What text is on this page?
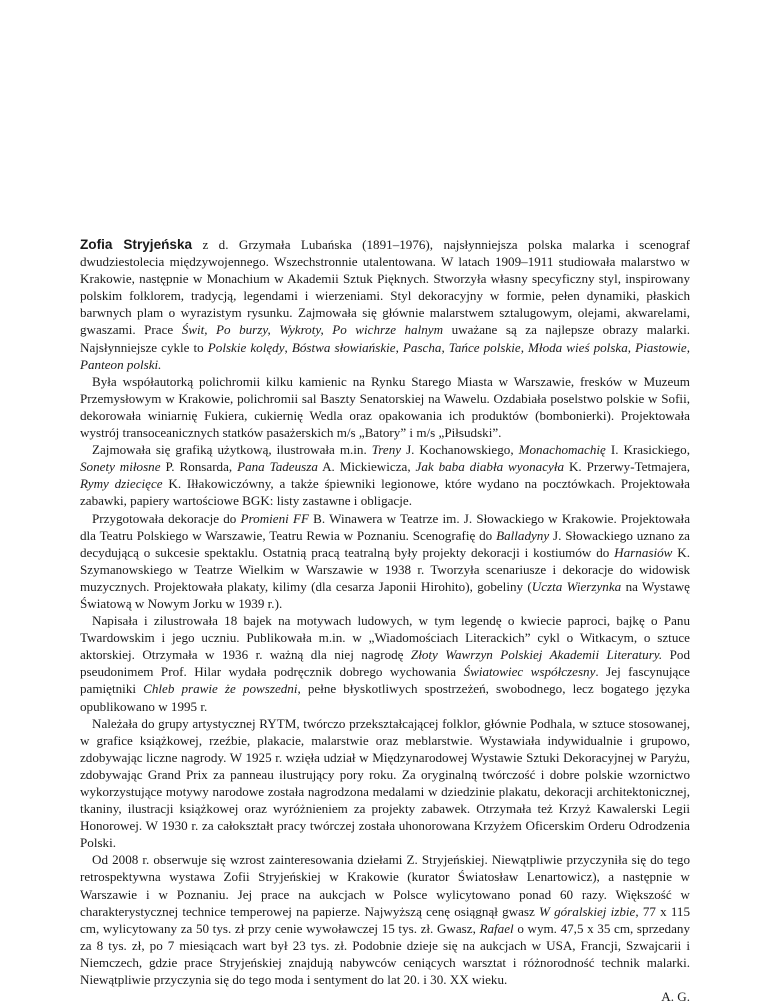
Zofia Stryjeńska z d. Grzymała Lubańska (1891–1976), najsłynniejsza polska malarka i scenograf dwudziestolecia międzywojennego. Wszechstronnie utalentowana. W latach 1909–1911 studiowała malarstwo w Krakowie, następnie w Monachium w Akademii Sztuk Pięknych. Stworzyła własny specyficzny styl, inspirowany polskim folklorem, tradycją, legendami i wierzeniami. Styl dekoracyjny w formie, pełen dynamiki, płaskich barwnych plam o wyrazistym rysunku. Zajmowała się głównie malarstwem sztalugowym, olejami, akwarelami, gwaszami. Prace Świt, Po burzy, Wykroty, Po wichrze halnym uważane są za najlepsze obrazy malarki. Najsłynniejsze cykle to Polskie kolędy, Bóstwa słowiańskie, Pascha, Tańce polskie, Młoda wieś polska, Piastowie, Panteon polski.

Była współautorką polichromii kilku kamienic na Rynku Starego Miasta w Warszawie, fresków w Muzeum Przemysłowym w Krakowie, polichromii sal Baszty Senatorskiej na Wawelu. Ozdabiała poselstwo polskie w Sofii, dekorowała winiarnię Fukiera, cukiernię Wedla oraz opakowania ich produktów (bombonierki). Projektowała wystrój transoceanicznych statków pasażerskich m/s „Batory” i m/s „Piłsudski”.

Zajmowała się grafiką użytkową, ilustrowała m.in. Treny J. Kochanowskiego, Monachomachię I. Krasickiego, Sonety miłosne P. Ronsarda, Pana Tadeusza A. Mickiewicza, Jak baba diabła wyonacyła K. Przerwy-Tetmajera, Rymy dziecięce K. Iłłakowiczówny, a także śpiewniki legionowe, które wydano na pocztówkach. Projektowała zabawki, papiery wartościowe BGK: listy zastawne i obligacje.

Przygotowała dekoracje do Promieni FF B. Winawera w Teatrze im. J. Słowackiego w Krakowie. Projektowała dla Teatru Polskiego w Warszawie, Teatru Rewia w Poznaniu. Scenografię do Balladyny J. Słowackiego uznano za decydującą o sukcesie spektaklu. Ostatnią pracą teatralną były projekty dekoracji i kostiumów do Harnasiów K. Szymanowskiego w Teatrze Wielkim w Warszawie w 1938 r. Tworzyła scenariusze i dekoracje do widowisk muzycznych. Projektowała plakaty, kilimy (dla cesarza Japonii Hirohito), gobeliny (Uczta Wierzynka na Wystawę Światową w Nowym Jorku w 1939 r.).

Napisała i zilustrowała 18 bajek na motywach ludowych, w tym legendę o kwiecie paproci, bajkę o Panu Twardowskim i jego uczniu. Publikowała m.in. w „Wiadomościach Literackich” cykl o Witkacym, o sztuce aktorskiej. Otrzymała w 1936 r. ważną dla niej nagrodę Złoty Wawrzyn Polskiej Akademii Literatury. Pod pseudonimem Prof. Hilar wydała podręcznik dobrego wychowania Światowiec współczesny. Jej fascynujące pamiętniki Chleb prawie że powszedni, pełne błyskotliwych spostrzeżeń, swobodnego, lecz bogatego języka opublikowano w 1995 r.

Należała do grupy artystycznej RYTM, twórczo przekształcającej folklor, głównie Podhala, w sztuce stosowanej, w grafice książkowej, rzeźbie, plakacie, malarstwie oraz meblarstwie. Wystawiała indywidualnie i grupowo, zdobywając liczne nagrody. W 1925 r. wzięła udział w Międzynarodowej Wystawie Sztuki Dekoracyjnej w Paryżu, zdobywając Grand Prix za panneau ilustrujący pory roku. Za oryginalną twórczość i dobre polskie wzornictwo wykorzystujące motywy narodowe została nagrodzona medalami w dziedzinie plakatu, dekoracji architektonicznej, tkaniny, ilustracji książkowej oraz wyróżnieniem za projekty zabawek. Otrzymała też Krzyż Kawalerski Legii Honorowej. W 1930 r. za całokształt pracy twórczej została uhonorowana Krzyżem Oficerskim Orderu Odrodzenia Polski.

Od 2008 r. obserwuje się wzrost zainteresowania dziełami Z. Stryjeńskiej. Niewątpliwie przyczyniła się do tego retrospektywna wystawa Zofii Stryjeńskiej w Krakowie (kurator Światosław Lenartowicz), a następnie w Warszawie i w Poznaniu. Jej prace na aukcjach w Polsce wylicytowano ponad 60 razy. Większość w charakterystycznej technice temperowej na papierze. Najwyższą cenę osiągnął gwasz W góralskiej izbie, 77 x 115 cm, wylicytowany za 50 tys. zł przy cenie wywoławczej 15 tys. zł. Gwasz, Rafael o wym. 47,5 x 35 cm, sprzedany za 8 tys. zł, po 7 miesiącach wart był 23 tys. zł. Podobnie dzieje się na aukcjach w USA, Francji, Szwajcarii i Niemczech, gdzie prace Stryjeńskiej znajdują nabywców ceniących warsztat i różnorodność technik malarki. Niewątpliwie przyczynia się do tego moda i sentyment do lat 20. i 30. XX wieku.

A. G.
